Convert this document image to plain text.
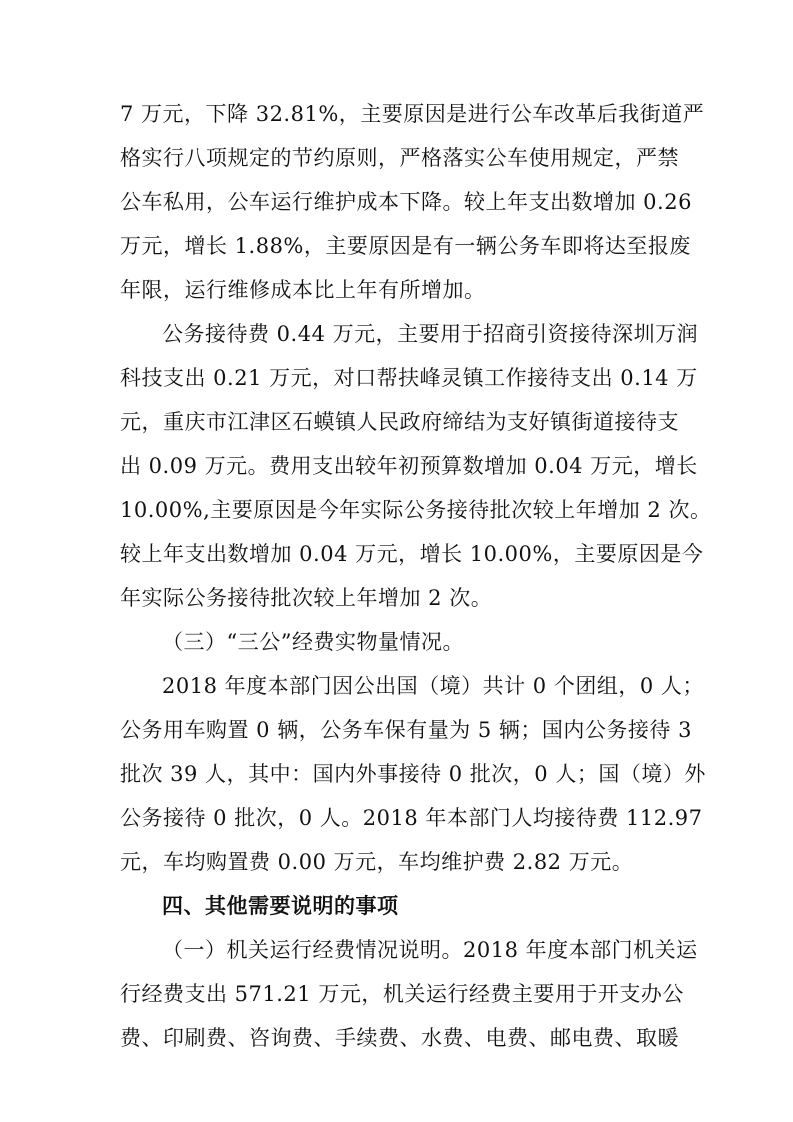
7 万元，下降 32.81%，主要原因是进行公车改革后我街道严
格实行八项规定的节约原则，严格落实公车使用规定，严禁
公车私用，公车运行维护成本下降。较上年支出数增加 0.26
万元，增长 1.88%，主要原因是有一辆公务车即将达至报废
年限，运行维修成本比上年有所增加。
公务接待费 0.44 万元，主要用于招商引资接待深圳万润
科技支出 0.21 万元，对口帮扶峰灵镇工作接待支出 0.14 万
元，重庆市江津区石蟆镇人民政府缔结为支好镇街道接待支
出 0.09 万元。费用支出较年初预算数增加 0.04 万元，增长
10.00%,主要原因是今年实际公务接待批次较上年增加 2 次。
较上年支出数增加 0.04 万元，增长 10.00%，主要原因是今
年实际公务接待批次较上年增加 2 次。
（三）“三公”经费实物量情况。
2018 年度本部门因公出国（境）共计 0 个团组，0 人；
公务用车购置 0 辆，公务车保有量为 5 辆；国内公务接待 3
批次 39 人，其中：国内外事接待 0 批次，0 人；国（境）外
公务接待 0 批次，0 人。2018 年本部门人均接待费 112.97
元，车均购置费 0.00 万元，车均维护费 2.82 万元。
四、其他需要说明的事项
（一）机关运行经费情况说明。2018 年度本部门机关运
行经费支出 571.21 万元，机关运行经费主要用于开支办公
费、印刷费、咨询费、手续费、水费、电费、邮电费、取暖
